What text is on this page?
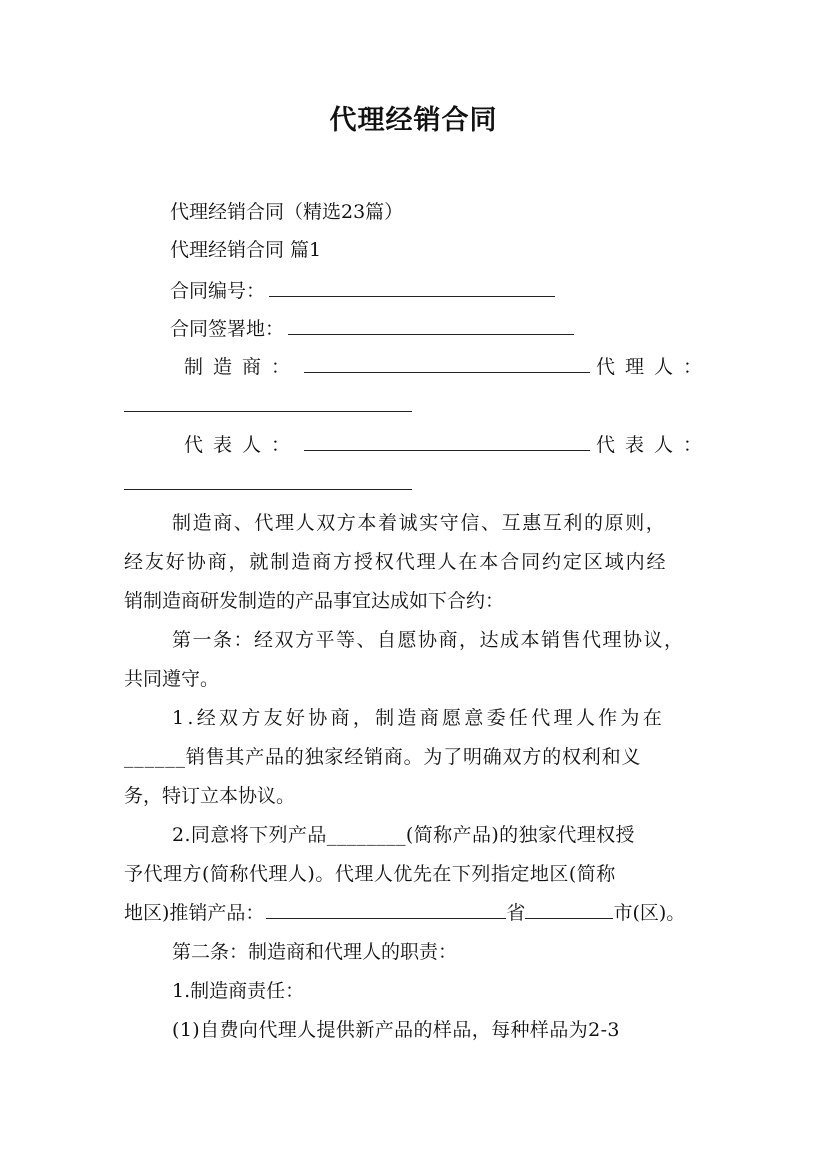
代理经销合同
代理经销合同（精选23篇）
代理经销合同 篇1
合同编号：
合同签署地：
制造商：	代理人：
代表人：	代表人：
制造商、代理人双方本着诚实守信、互惠互利的原则，
经友好协商，就制造商方授权代理人在本合同约定区域内经
销制造商研发制造的产品事宜达成如下合约：
第一条：经双方平等、自愿协商，达成本销售代理协议，
共同遵守。
1.经双方友好协商，制造商愿意委任代理人作为在
______销售其产品的独家经销商。为了明确双方的权利和义
务，特订立本协议。
2.同意将下列产品________(简称产品)的独家代理权授
予代理方(简称代理人)。代理人优先在下列指定地区(简称
地区)推销产品：	省	市(区)。
第二条：制造商和代理人的职责：
1.制造商责任：
(1)自费向代理人提供新产品的样品，每种样品为2-3
